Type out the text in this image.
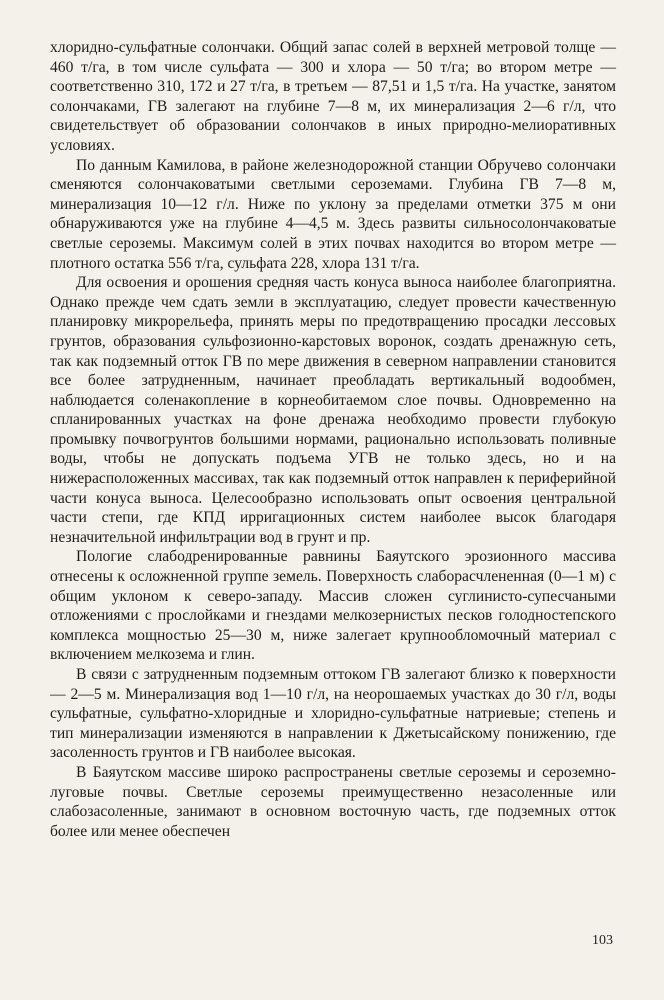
хлоридно-сульфатные солончаки. Общий запас солей в верхней метровой толще — 460 т/га, в том числе сульфата — 300 и хлора — 50 т/га; во втором метре — соответственно 310, 172 и 27 т/га, в третьем — 87,51 и 1,5 т/га. На участке, занятом солончаками, ГВ залегают на глубине 7—8 м, их минерализация 2—6 г/л, что свидетельствует об образовании солончаков в иных природно-мелиоративных условиях.

По данным Камилова, в районе железнодорожной станции Обручево солончаки сменяются солончаковатыми светлыми сероземами. Глубина ГВ 7—8 м, минерализация 10—12 г/л. Ниже по уклону за пределами отметки 375 м они обнаруживаются уже на глубине 4—4,5 м. Здесь развиты сильносолончаковатые светлые сероземы. Максимум солей в этих почвах находится во втором метре — плотного остатка 556 т/га, сульфата 228, хлора 131 т/га.

Для освоения и орошения средняя часть конуса выноса наиболее благоприятна. Однако прежде чем сдать земли в эксплуатацию, следует провести качественную планировку микрорельефа, принять меры по предотвращению просадки лессовых грунтов, образования сульфозионно-карстовых воронок, создать дренажную сеть, так как подземный отток ГВ по мере движения в северном направлении становится все более затрудненным, начинает преобладать вертикальный водообмен, наблюдается соленакопление в корнеобитаемом слое почвы. Одновременно на спланированных участках на фоне дренажа необходимо провести глубокую промывку почвогрунтов большими нормами, рационально использовать поливные воды, чтобы не допускать подъема УГВ не только здесь, но и на нижерасположенных массивах, так как подземный отток направлен к периферийной части конуса выноса. Целесообразно использовать опыт освоения центральной части степи, где КПД ирригационных систем наиболее высок благодаря незначительной инфильтрации вод в грунт и пр.

Пологие слабодренированные равнины Баяутского эрозионного массива отнесены к осложненной группе земель. Поверхность слаборасчлененная (0—1 м) с общим уклоном к северо-западу. Массив сложен суглинисто-супесчаными отложениями с прослойками и гнездами мелкозернистых песков голодностепского комплекса мощностью 25—30 м, ниже залегает крупнообломочный материал с включением мелкозема и глин.

В связи с затрудненным подземным оттоком ГВ залегают близко к поверхности — 2—5 м. Минерализация вод 1—10 г/л, на неорошаемых участках до 30 г/л, воды сульфатные, сульфатно-хлоридные и хлоридно-сульфатные натриевые; степень и тип минерализации изменяются в направлении к Джетысайскому понижению, где засоленность грунтов и ГВ наиболее высокая.

В Баяутском массиве широко распространены светлые сероземы и сероземно-луговые почвы. Светлые сероземы преимущественно незасоленные или слабозасоленные, занимают в основном восточную часть, где подземных отток более или менее обеспечен

103
